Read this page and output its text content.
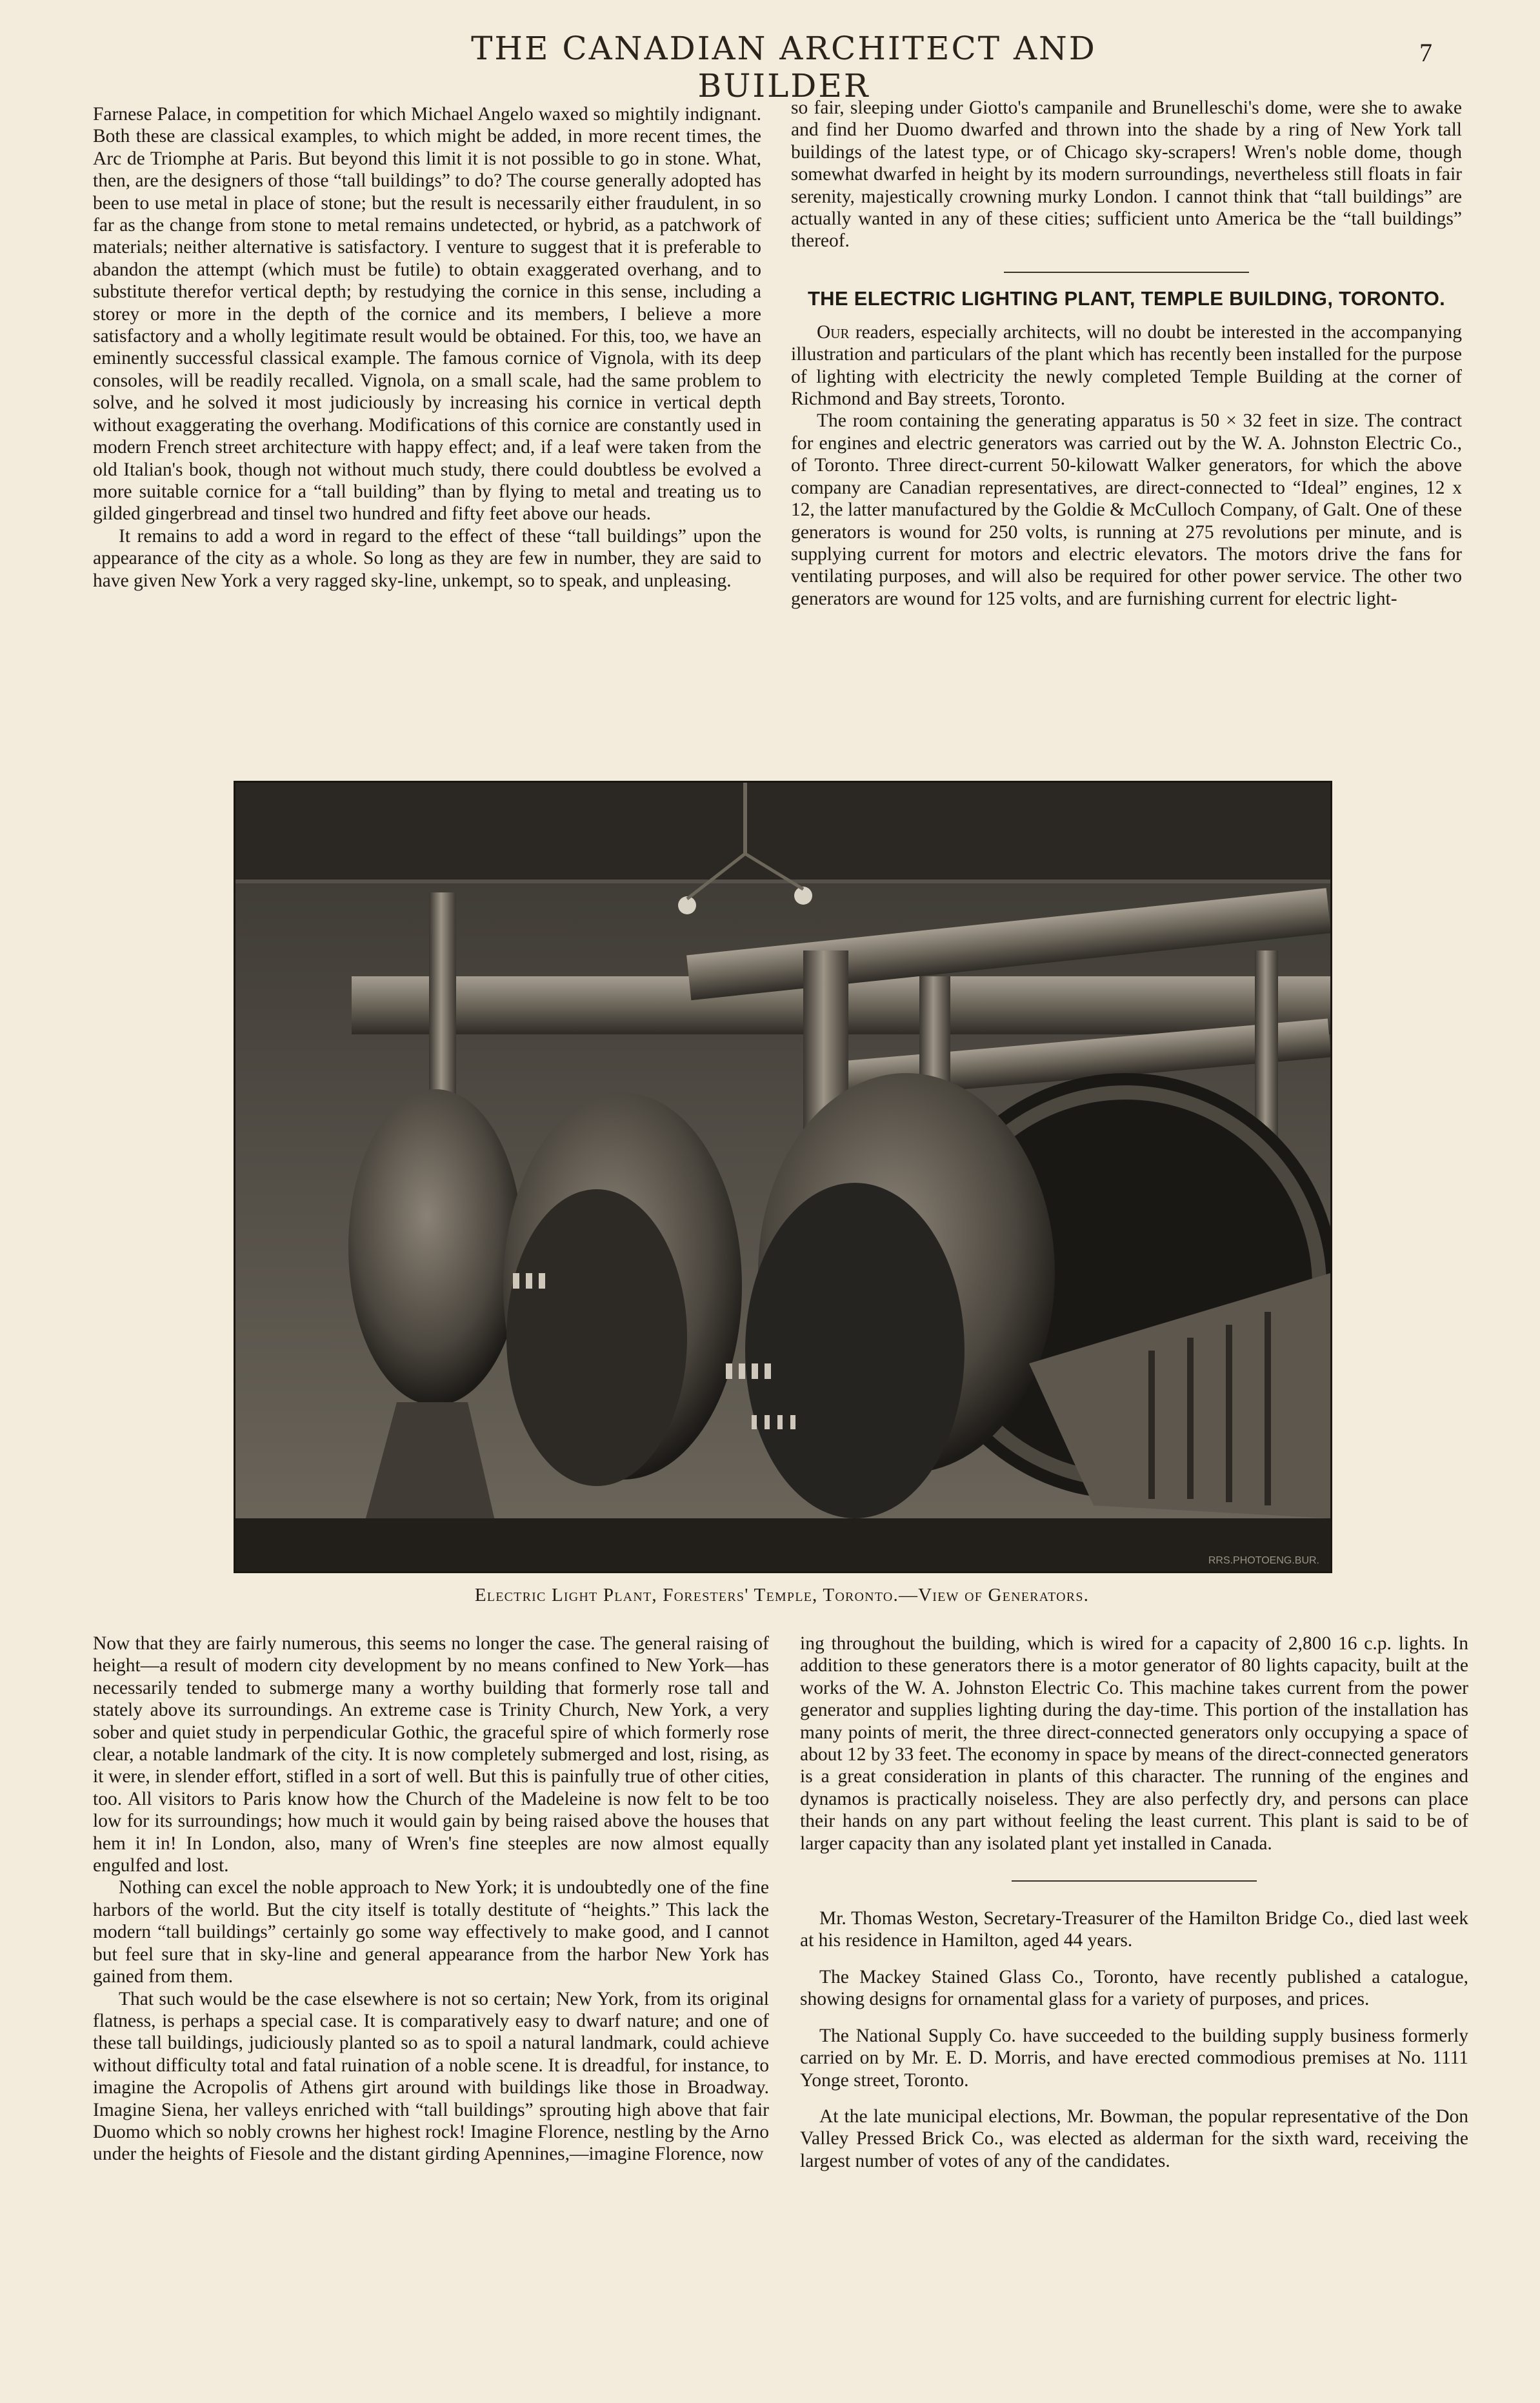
THE CANADIAN ARCHITECT AND BUILDER
7

Farnese Palace, in competition for which Michael Angelo waxed so mightily indignant. Both these are classical examples, to which might be added, in more recent times, the Arc de Triomphe at Paris. But beyond this limit it is not possible to go in stone. What, then, are the designers of those “tall buildings” to do? The course generally adopted has been to use metal in place of stone; but the result is necessarily either fraudulent, in so far as the change from stone to metal remains undetected, or hybrid, as a patchwork of materials; neither alternative is satisfactory. I venture to suggest that it is preferable to abandon the attempt (which must be futile) to obtain exaggerated overhang, and to substitute therefor vertical depth; by restudying the cornice in this sense, including a storey or more in the depth of the cornice and its members, I believe a more satisfactory and a wholly legitimate result would be obtained. For this, too, we have an eminently successful classical example. The famous cornice of Vignola, with its deep consoles, will be readily recalled. Vignola, on a small scale, had the same problem to solve, and he solved it most judiciously by increasing his cornice in vertical depth without exaggerating the overhang. Modifications of this cornice are constantly used in modern French street architecture with happy effect; and, if a leaf were taken from the old Italian's book, though not without much study, there could doubtless be evolved a more suitable cornice for a “tall building” than by flying to metal and treating us to gilded gingerbread and tinsel two hundred and fifty feet above our heads.

It remains to add a word in regard to the effect of these “tall buildings” upon the appearance of the city as a whole. So long as they are few in number, they are said to have given New York a very ragged sky-line, unkempt, so to speak, and unpleasing.

so fair, sleeping under Giotto's campanile and Brunelleschi's dome, were she to awake and find her Duomo dwarfed and thrown into the shade by a ring of New York tall buildings of the latest type, or of Chicago sky-scrapers! Wren's noble dome, though somewhat dwarfed in height by its modern surroundings, nevertheless still floats in fair serenity, majestically crowning murky London. I cannot think that “tall buildings” are actually wanted in any of these cities; sufficient unto America be the “tall buildings” thereof.

THE ELECTRIC LIGHTING PLANT, TEMPLE BUILDING, TORONTO.

Our readers, especially architects, will no doubt be interested in the accompanying illustration and particulars of the plant which has recently been installed for the purpose of lighting with electricity the newly completed Temple Building at the corner of Richmond and Bay streets, Toronto.

The room containing the generating apparatus is 50 × 32 feet in size. The contract for engines and electric generators was carried out by the W. A. Johnston Electric Co., of Toronto. Three direct-current 50-kilowatt Walker generators, for which the above company are Canadian representatives, are direct-connected to “Ideal” engines, 12 x 12, the latter manufactured by the Goldie & McCulloch Company, of Galt. One of these generators is wound for 250 volts, is running at 275 revolutions per minute, and is supplying current for motors and electric elevators. The motors drive the fans for ventilating purposes, and will also be required for other power service. The other two generators are wound for 125 volts, and are furnishing current for electric light-

RRS.PHOTOENG.BUR.
Electric Light Plant, Foresters' Temple, Toronto.—View of Generators.

Now that they are fairly numerous, this seems no longer the case. The general raising of height—a result of modern city development by no means confined to New York—has necessarily tended to submerge many a worthy building that formerly rose tall and stately above its surroundings. An extreme case is Trinity Church, New York, a very sober and quiet study in perpendicular Gothic, the graceful spire of which formerly rose clear, a notable landmark of the city. It is now completely submerged and lost, rising, as it were, in slender effort, stifled in a sort of well. But this is painfully true of other cities, too. All visitors to Paris know how the Church of the Madeleine is now felt to be too low for its surroundings; how much it would gain by being raised above the houses that hem it in! In London, also, many of Wren's fine steeples are now almost equally engulfed and lost.

Nothing can excel the noble approach to New York; it is undoubtedly one of the fine harbors of the world. But the city itself is totally destitute of “heights.” This lack the modern “tall buildings” certainly go some way effectively to make good, and I cannot but feel sure that in sky-line and general appearance from the harbor New York has gained from them.

That such would be the case elsewhere is not so certain; New York, from its original flatness, is perhaps a special case. It is comparatively easy to dwarf nature; and one of these tall buildings, judiciously planted so as to spoil a natural landmark, could achieve without difficulty total and fatal ruination of a noble scene. It is dreadful, for instance, to imagine the Acropolis of Athens girt around with buildings like those in Broadway. Imagine Siena, her valleys enriched with “tall buildings” sprouting high above that fair Duomo which so nobly crowns her highest rock! Imagine Florence, nestling by the Arno under the heights of Fiesole and the distant girding Apennines,—imagine Florence, now

ing throughout the building, which is wired for a capacity of 2,800 16 c.p. lights. In addition to these generators there is a motor generator of 80 lights capacity, built at the works of the W. A. Johnston Electric Co. This machine takes current from the power generator and supplies lighting during the day-time. This portion of the installation has many points of merit, the three direct-connected generators only occupying a space of about 12 by 33 feet. The economy in space by means of the direct-connected generators is a great consideration in plants of this character. The running of the engines and dynamos is practically noiseless. They are also perfectly dry, and persons can place their hands on any part without feeling the least current. This plant is said to be of larger capacity than any isolated plant yet installed in Canada.

Mr. Thomas Weston, Secretary-Treasurer of the Hamilton Bridge Co., died last week at his residence in Hamilton, aged 44 years.

The Mackey Stained Glass Co., Toronto, have recently published a catalogue, showing designs for ornamental glass for a variety of purposes, and prices.

The National Supply Co. have succeeded to the building supply business formerly carried on by Mr. E. D. Morris, and have erected commodious premises at No. 1111 Yonge street, Toronto.

At the late municipal elections, Mr. Bowman, the popular representative of the Don Valley Pressed Brick Co., was elected as alderman for the sixth ward, receiving the largest number of votes of any of the candidates.
